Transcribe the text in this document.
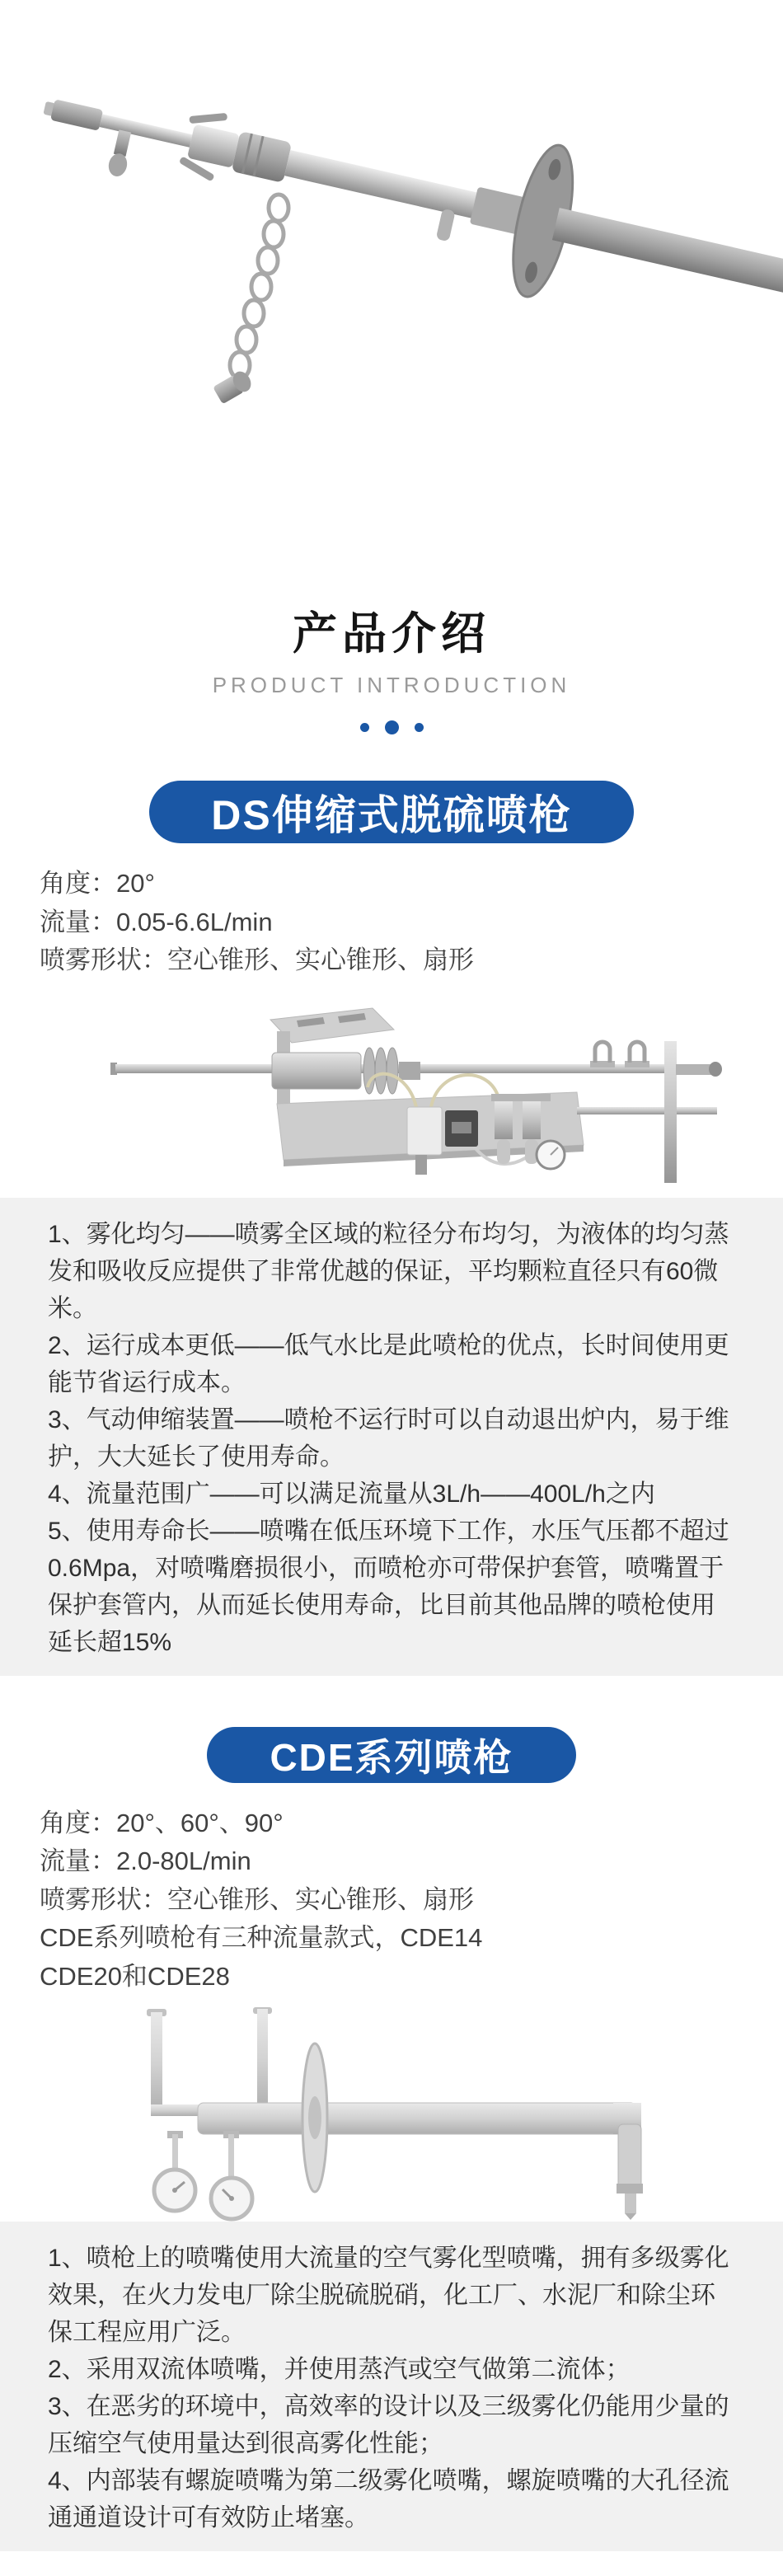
产品介绍
PRODUCT INTRODUCTION
DS伸缩式脱硫喷枪
角度：20°
流量：0.05-6.6L/min
喷雾形状：空心锥形、实心锥形、扇形

1、雾化均匀——喷雾全区域的粒径分布均匀，为液体的均匀蒸发和吸收反应提供了非常优越的保证，平均颗粒直径只有60微米。

2、运行成本更低——低气水比是此喷枪的优点，长时间使用更能节省运行成本。

3、气动伸缩装置——喷枪不运行时可以自动退出炉内，易于维护，大大延长了使用寿命。

4、流量范围广——可以满足流量从3L/h——400L/h之内

5、使用寿命长——喷嘴在低压环境下工作，水压气压都不超过0.6Mpa，对喷嘴磨损很小，而喷枪亦可带保护套管，喷嘴置于保护套管内，从而延长使用寿命，比目前其他品牌的喷枪使用延长超15%

CDE系列喷枪
角度：20°、60°、90°
流量：2.0-80L/min
喷雾形状：空心锥形、实心锥形、扇形
CDE系列喷枪有三种流量款式，CDE14
CDE20和CDE28

1、喷枪上的喷嘴使用大流量的空气雾化型喷嘴，拥有多级雾化效果，在火力发电厂除尘脱硫脱硝，化工厂、水泥厂和除尘环保工程应用广泛。

2、采用双流体喷嘴，并使用蒸汽或空气做第二流体；

3、在恶劣的环境中，高效率的设计以及三级雾化仍能用少量的压缩空气使用量达到很高雾化性能；

4、内部装有螺旋喷嘴为第二级雾化喷嘴，螺旋喷嘴的大孔径流通通道设计可有效防止堵塞。
